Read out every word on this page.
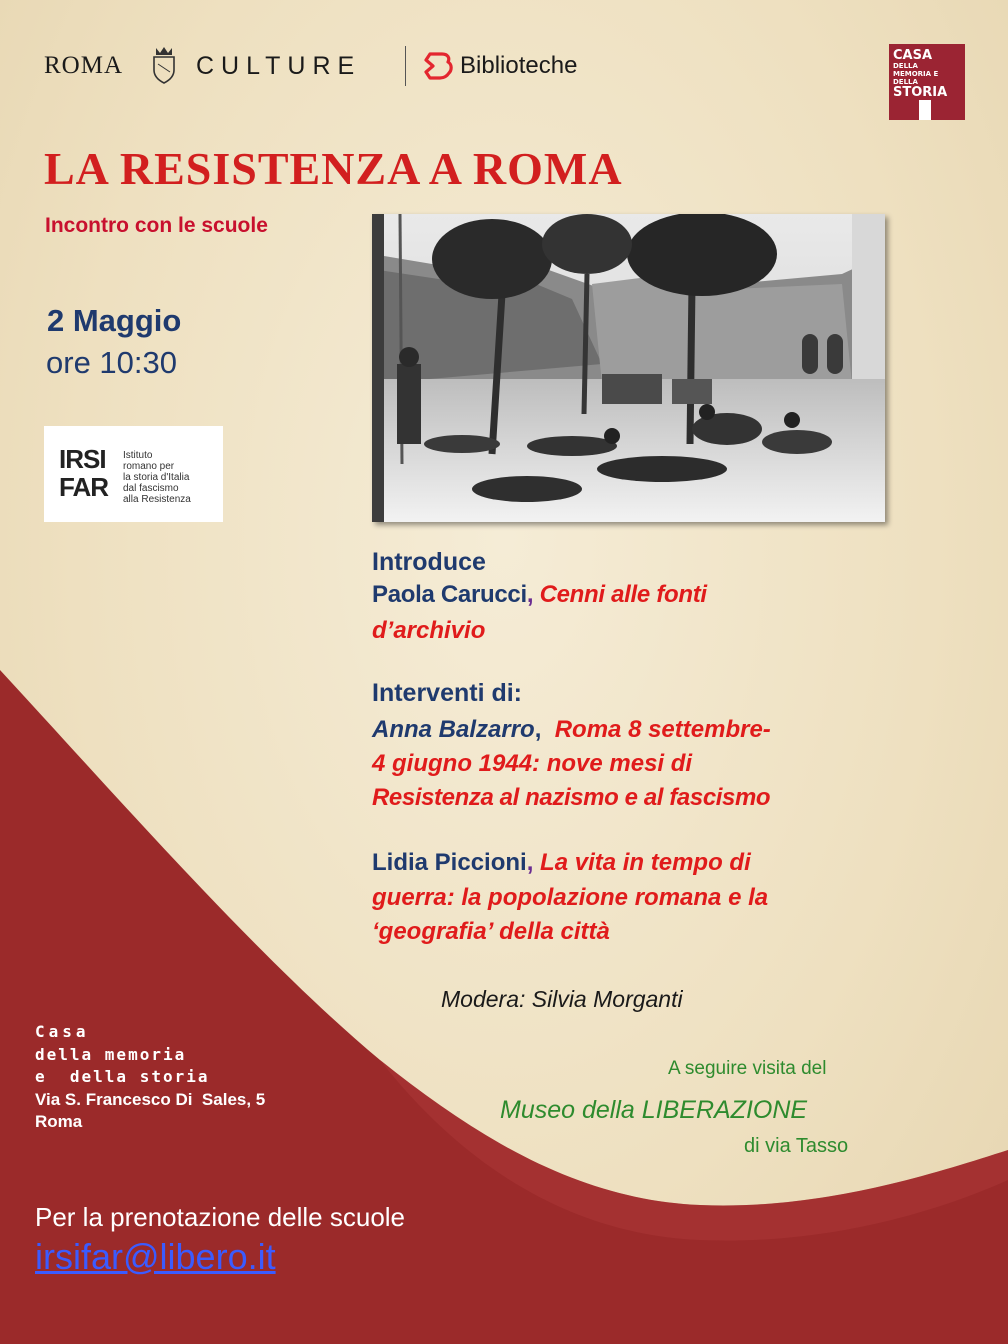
ROMA	CULTURE	Biblioteche	CASA
DELLA MEMORIA E DELLA
STORIA
LA RESISTENZA A ROMA
Incontro con le scuole
2 Maggio
ore 10:30
IRSI
FAR
Istituto
romano per
la storia d'Italia
dal fascismo
alla Resistenza
Introduce
Paola Carucci, Cenni alle fonti
d’archivio
Interventi di:
Anna Balzarro, Roma 8 settembre-
4 giugno 1944: nove mesi di
Resistenza al nazismo e al fascismo
Lidia Piccioni, La vita in tempo di
guerra: la popolazione romana e la
‘geografia’ della città
Modera: Silvia Morganti
A seguire visita del
Museo della LIBERAZIONE
di via Tasso
Casa
della memoria
e  della storia
Via S. Francesco Di  Sales, 5
Roma
Per la prenotazione delle scuole
irsifar@libero.it
